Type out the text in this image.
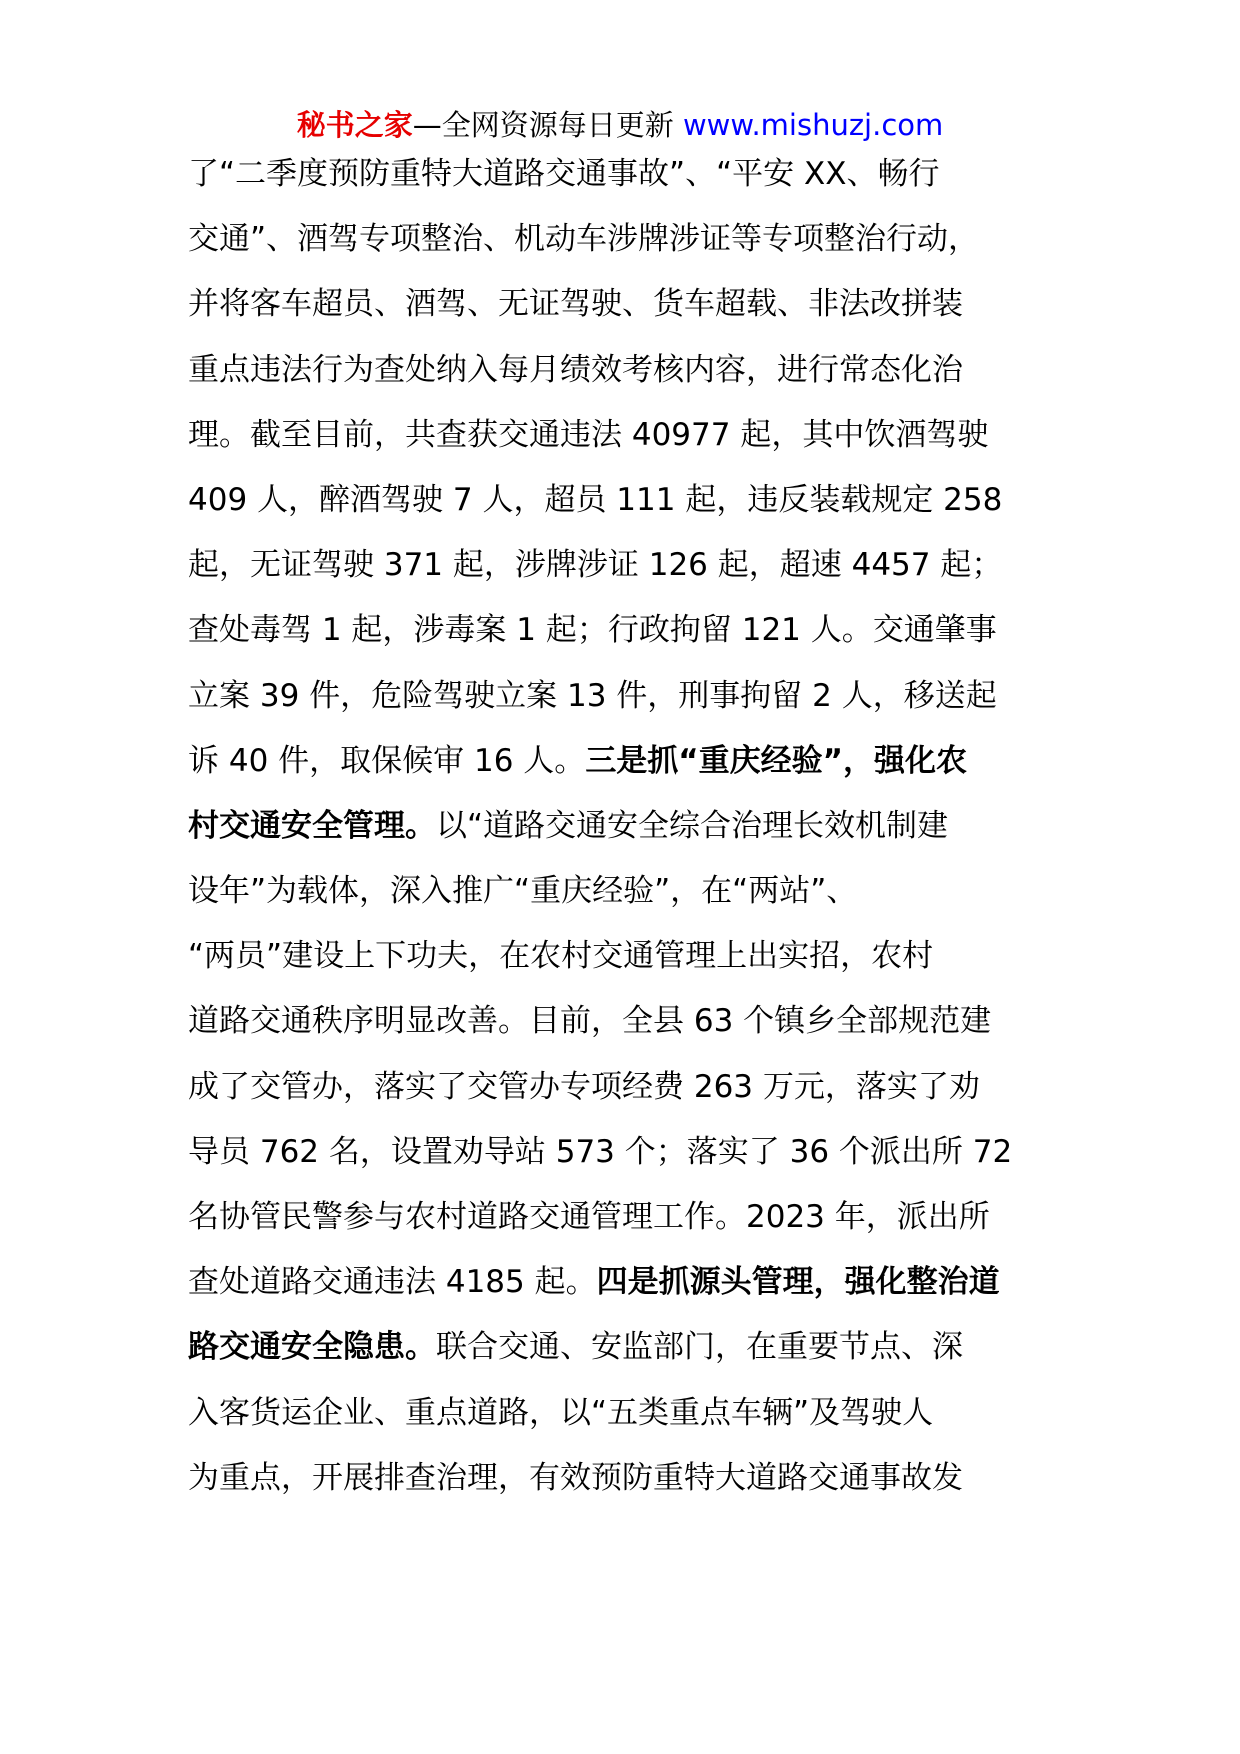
秘书之家—全网资源每日更新 www.mishuzj.com
了“二季度预防重特大道路交通事故”、“平安 XX、畅行
交通”、酒驾专项整治、机动车涉牌涉证等专项整治行动，
并将客车超员、酒驾、无证驾驶、货车超载、非法改拼装
重点违法行为查处纳入每月绩效考核内容，进行常态化治
理。截至目前，共查获交通违法 40977 起，其中饮酒驾驶
409 人，醉酒驾驶 7 人，超员 111 起，违反装载规定 258
起，无证驾驶 371 起，涉牌涉证 126 起，超速 4457 起；
查处毒驾 1 起，涉毒案 1 起；行政拘留 121 人。交通肇事
立案 39 件，危险驾驶立案 13 件，刑事拘留 2 人，移送起
诉 40 件，取保候审 16 人。三是抓“重庆经验”，强化农
村交通安全管理。以“道路交通安全综合治理长效机制建
设年”为载体，深入推广“重庆经验”，在“两站”、
“两员”建设上下功夫，在农村交通管理上出实招，农村
道路交通秩序明显改善。目前，全县 63 个镇乡全部规范建
成了交管办，落实了交管办专项经费 263 万元，落实了劝
导员 762 名，设置劝导站 573 个；落实了 36 个派出所 72
名协管民警参与农村道路交通管理工作。2023 年，派出所
查处道路交通违法 4185 起。四是抓源头管理，强化整治道
路交通安全隐患。联合交通、安监部门，在重要节点、深
入客货运企业、重点道路，以“五类重点车辆”及驾驶人
为重点，开展排查治理，有效预防重特大道路交通事故发
